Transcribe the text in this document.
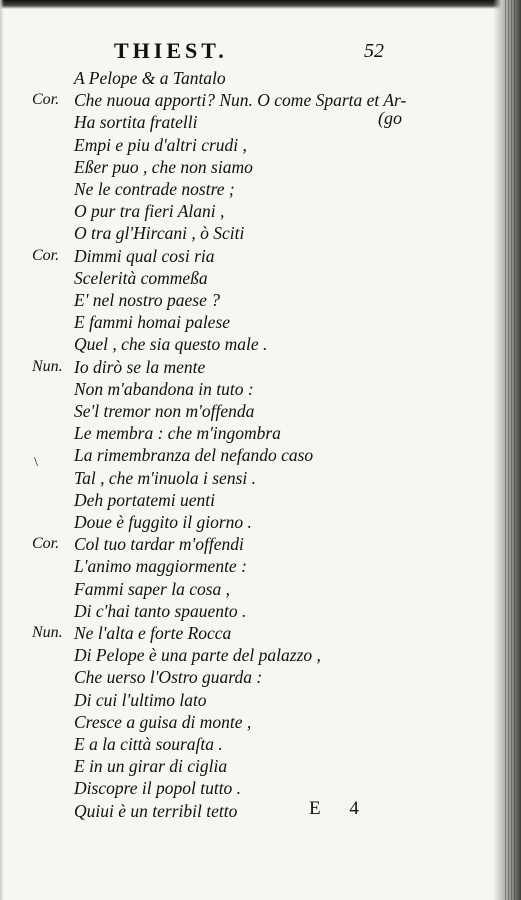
THIEST.	52
A Pelope & a Tantalo
Cor. Che nuoua apporti? Nun. O come Sparta et Ar-
Ha sortita fratelli
Empi e piu d'altri crudi ,
Eßer puo , che non siamo
Ne le contrade nostre ;
O pur tra fieri Alani ,
O tra gl'Hircani , ò Sciti
Cor. Dimmi qual cosi ria
Scelerità commeßa
E' nel nostro paese ?
E fammi homai palese
Quel , che sia questo male .
Nun. Io dirò se la mente
Non m'abandona in tuto :
Se'l tremor non m'offenda
Le membra : che m'ingombra
La rimembranza del nefando caso
Tal , che m'inuola i sensi .
Deh portatemi uenti
Doue è fuggito il giorno .
Cor. Col tuo tardar m'offendi
L'animo maggiormente :
Fammi saper la cosa ,
Di c'hai tanto spauento .
Nun. Ne l'alta e forte Rocca
Di Pelope è una parte del palazzo ,
Che uerso l'Ostro guarda :
Di cui l'ultimo lato
Cresce a guisa di monte ,
E a la città souraſta .
E in un girar di ciglia
Discopre il popol tutto .
Quiui è un terribil tetto
(go
\
E 4
